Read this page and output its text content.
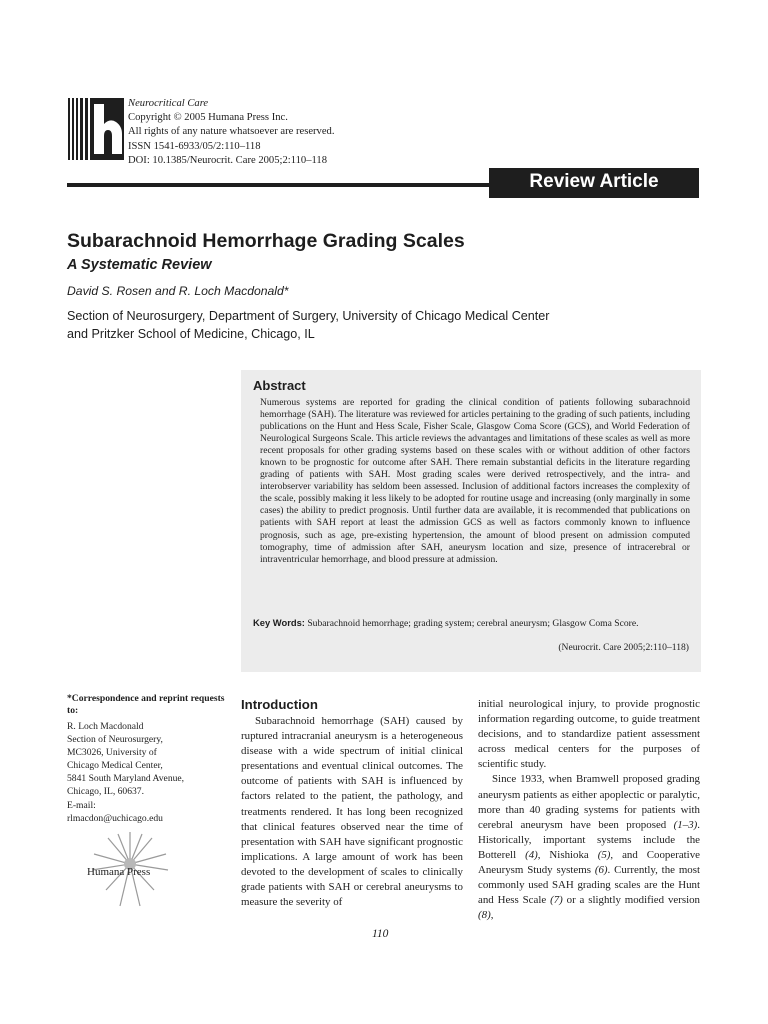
Neurocritical Care
Copyright © 2005 Humana Press Inc.
All rights of any nature whatsoever are reserved.
ISSN 1541-6933/05/2:110–118
DOI: 10.1385/Neurocrit. Care 2005;2:110–118
Review Article
Subarachnoid Hemorrhage Grading Scales
A Systematic Review
David S. Rosen and R. Loch Macdonald*
Section of Neurosurgery, Department of Surgery, University of Chicago Medical Center
and Pritzker School of Medicine, Chicago, IL
Abstract
Numerous systems are reported for grading the clinical condition of patients following subarachnoid hemorrhage (SAH). The literature was reviewed for articles pertaining to the grading of such patients, including publications on the Hunt and Hess Scale, Fisher Scale, Glasgow Coma Score (GCS), and World Federation of Neurological Surgeons Scale. This article reviews the advantages and limitations of these scales as well as more recent proposals for other grading systems based on these scales with or without addition of other factors known to be prognostic for outcome after SAH. There remain substantial deficits in the literature regarding grading of patients with SAH. Most grading scales were derived retrospectively, and the intra- and interobserver variability has seldom been assessed. Inclusion of additional factors increases the complexity of the scale, possibly making it less likely to be adopted for routine usage and increasing (only marginally in some cases) the ability to predict prognosis. Until further data are available, it is recommended that publications on patients with SAH report at least the admission GCS as well as factors commonly known to influence prognosis, such as age, pre-existing hypertension, the amount of blood present on admission computed tomography, time of admission after SAH, aneurysm location and size, presence of intracerebral or intraventricular hemorrhage, and blood pressure at admission.
Key Words: Subarachnoid hemorrhage; grading system; cerebral aneurysm; Glasgow Coma Score.
(Neurocrit. Care 2005;2:110–118)
*Correspondence and reprint requests to:
R. Loch Macdonald
Section of Neurosurgery,
MC3026, University of
Chicago Medical Center,
5841 South Maryland Avenue,
Chicago, IL, 60637.
E-mail:
rlmacdon@uchicago.edu
Humana Press
Introduction

Subarachnoid hemorrhage (SAH) caused by ruptured intracranial aneurysm is a heterogeneous disease with a wide spectrum of initial clinical presentations and eventual clinical outcomes. The outcome of patients with SAH is influenced by factors related to the patient, the pathology, and treatments rendered. It has long been recognized that clinical features observed near the time of presentation with SAH have significant prognostic implications. A large amount of work has been devoted to the development of scales to clinically grade patients with SAH or cerebral aneurysms to measure the severity of

initial neurological injury, to provide prognostic information regarding outcome, to guide treatment decisions, and to standardize patient assessment across medical centers for the purposes of scientific study.

Since 1933, when Bramwell proposed grading aneurysm patients as either apoplectic or paralytic, more than 40 grading systems for patients with cerebral aneurysm have been proposed (1–3). Historically, important systems include the Botterell (4), Nishioka (5), and Cooperative Aneurysm Study systems (6). Currently, the most commonly used SAH grading scales are the Hunt and Hess Scale (7) or a slightly modified version (8),

110
